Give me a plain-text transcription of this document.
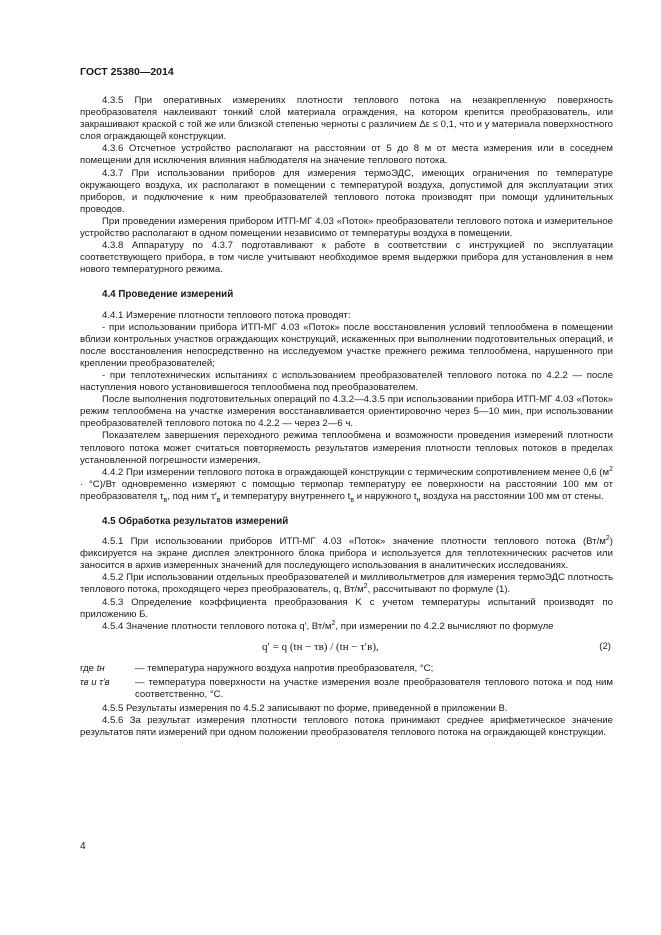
ГОСТ 25380—2014

4.3.5 При оперативных измерениях плотности теплового потока на незакрепленную поверхность преобразователя наклеивают тонкий слой материала ограждения, на котором крепится преобразователь, или закрашивают краской с той же или близкой степенью черноты с различием Δε ≤ 0,1, что и у материала поверхностного слоя ограждающей конструкции.

4.3.6 Отсчетное устройство располагают на расстоянии от 5 до 8 м от места измерения или в соседнем помещении для исключения влияния наблюдателя на значение теплового потока.

4.3.7 При использовании приборов для измерения термоЭДС, имеющих ограничения по температуре окружающего воздуха, их располагают в помещении с температурой воздуха, допустимой для эксплуатации этих приборов, и подключение к ним преобразователей теплового потока производят при помощи удлинительных проводов.

При проведении измерения прибором ИТП-МГ 4.03 «Поток» преобразователи теплового потока и измерительное устройство располагают в одном помещении независимо от температуры воздуха в помещении.

4.3.8 Аппаратуру по 4.3.7 подготавливают к работе в соответствии с инструкцией по эксплуатации соответствующего прибора, в том числе учитывают необходимое время выдержки прибора для установления в нем нового температурного режима.

4.4 Проведение измерений

4.4.1 Измерение плотности теплового потока проводят:

- при использовании прибора ИТП-МГ 4.03 «Поток» после восстановления условий теплообмена в помещении вблизи контрольных участков ограждающих конструкций, искаженных при выполнении подготовительных операций, и после восстановления непосредственно на исследуемом участке прежнего режима теплообмена, нарушенного при креплении преобразователей;

- при теплотехнических испытаниях с использованием преобразователей теплового потока по 4.2.2 — после наступления нового установившегося теплообмена под преобразователем.

После выполнения подготовительных операций по 4.3.2—4.3.5 при использовании прибора ИТП-МГ 4.03 «Поток» режим теплообмена на участке измерения восстанавливается ориентировочно через 5—10 мин, при использовании преобразователей теплового потока по 4.2.2 — через 2—6 ч.

Показателем завершения переходного режима теплообмена и возможности проведения измерений плотности теплового потока может считаться повторяемость результатов измерения плотности тепловых потоков в пределах установленной погрешности измерения.

4.4.2 При измерении теплового потока в ограждающей конструкции с термическим сопротивлением менее 0,6 $(м^2 \cdot ^\circ C)/Вт$ одновременно измеряют с помощью термопар температуру ее поверхности на расстоянии 100 мм от преобразователя $\tau_в$, под ним $\tau'_в$ и температуру внутреннего $t_в$ и наружного $t_н$ воздуха на расстоянии 100 мм от стены.

4.5 Обработка результатов измерений

4.5.1 При использовании приборов ИТП-МГ 4.03 «Поток» значение плотности теплового потока $(Вт/м^2)$ фиксируется на экране дисплея электронного блока прибора и используется для теплотехнических расчетов или заносится в архив измеренных значений для последующего использования в аналитических исследованиях.

4.5.2 При использовании отдельных преобразователей и милливольтметров для измерения термоЭДС плотность теплового потока, проходящего через преобразователь, q, $Вт/м^2$, рассчитывают по формуле (1).

4.5.3 Определение коэффициента преобразования K с учетом температуры испытаний производят по приложению Б.

4.5.4 Значение плотности теплового потока q′, $Вт/м^2$, при измерении по 4.2.2 вычисляют по формуле

q′ = q (tн − τв) / (tн − τ′в),	(2)
где tн	— температура наружного воздуха напротив преобразователя, °С;
τв и τ′в	— температура поверхности на участке измерения возле преобразователя теплового потока и под ним соответственно, °С.

4.5.5 Результаты измерения по 4.5.2 записывают по форме, приведенной в приложении В.

4.5.6 За результат измерения плотности теплового потока принимают среднее арифметическое значение результатов пяти измерений при одном положении преобразователя теплового потока на ограждающей конструкции.

4
